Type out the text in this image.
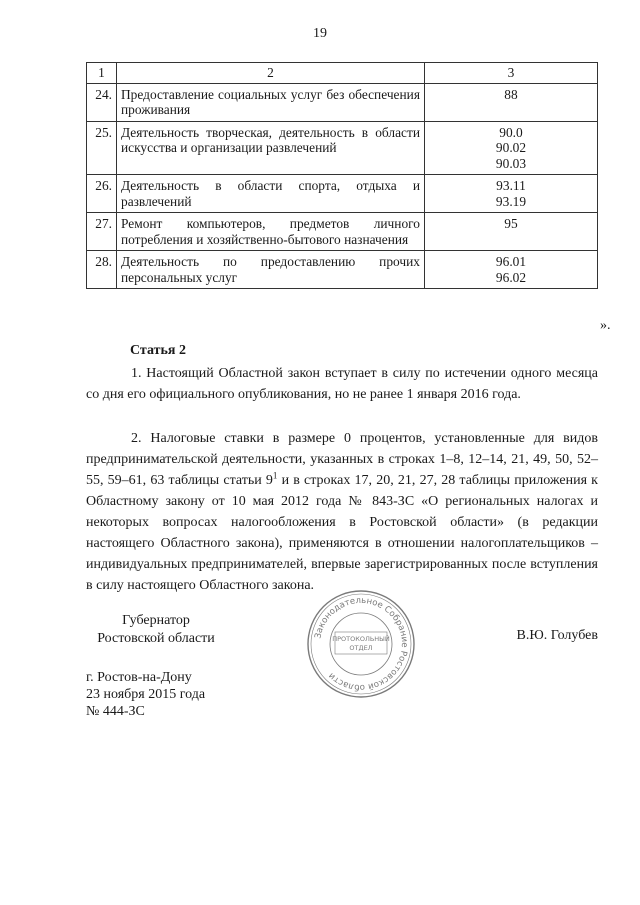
19
1	2	3
24.	Предоставление социальных услуг без обеспечения проживания	88

25.	Деятельность творческая, деятельность в области искусства и организации развлечений	90.0
90.02
90.03

26.	Деятельность в области спорта, отдыха и развлечений	93.11
93.19

27.	Ремонт компьютеров, предметов личного потребления и хозяйственно-бытового назначения	95

28.	Деятельность по предоставлению прочих персональных услуг	96.01
96.02
».
Статья 2

1. Настоящий Областной закон вступает в силу по истечении одного месяца со дня его официального опубликования, но не ранее 1 января 2016 года.

2. Налоговые ставки в размере 0 процентов, установленные для видов предпринимательской деятельности, указанных в строках 1–8, 12–14, 21, 49, 50, 52–55, 59–61, 63 таблицы статьи $9^1$ и в строках 17, 20, 21, 27, 28 таблицы приложения к Областному закону от 10 мая 2012 года № 843-ЗС «О региональных налогах и некоторых вопросах налогообложения в Ростовской области» (в редакции настоящего Областного закона), применяются в отношении налогоплательщиков – индивидуальных предпринимателей, впервые зарегистрированных после вступления в силу настоящего Областного закона.

Губернатор
Ростовской области	В.Ю. Голубев
г. Ростов-на-Дону
23 ноября 2015 года
№ 444-ЗС
Законодательное Собрание Ростовской области
ПРОТОКОЛЬНЫЙ
ОТДЕЛ
